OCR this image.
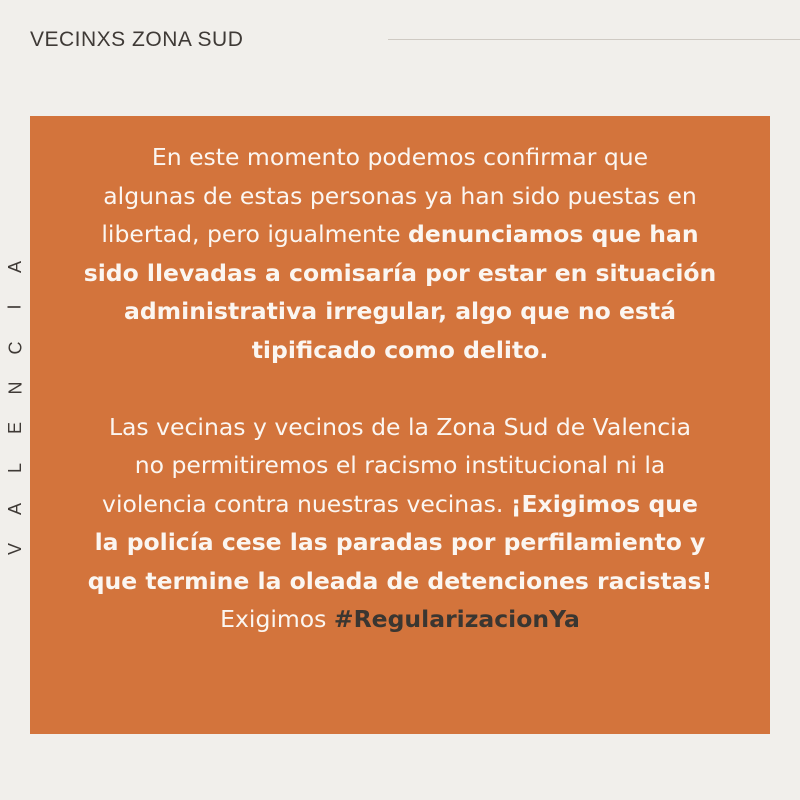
VECINXS ZONA SUD
A
I
C
N
E
L
A
V

En este momento podemos confirmar que
algunas de estas personas ya han sido puestas en
libertad, pero igualmente denunciamos que han
sido llevadas a comisaría por estar en situación
administrativa irregular, algo que no está
tipificado como delito.

Las vecinas y vecinos de la Zona Sud de Valencia
no permitiremos el racismo institucional ni la
violencia contra nuestras vecinas. ¡Exigimos que
la policía cese las paradas por perfilamiento y
que termine la oleada de detenciones racistas!
Exigimos #RegularizacionYa
